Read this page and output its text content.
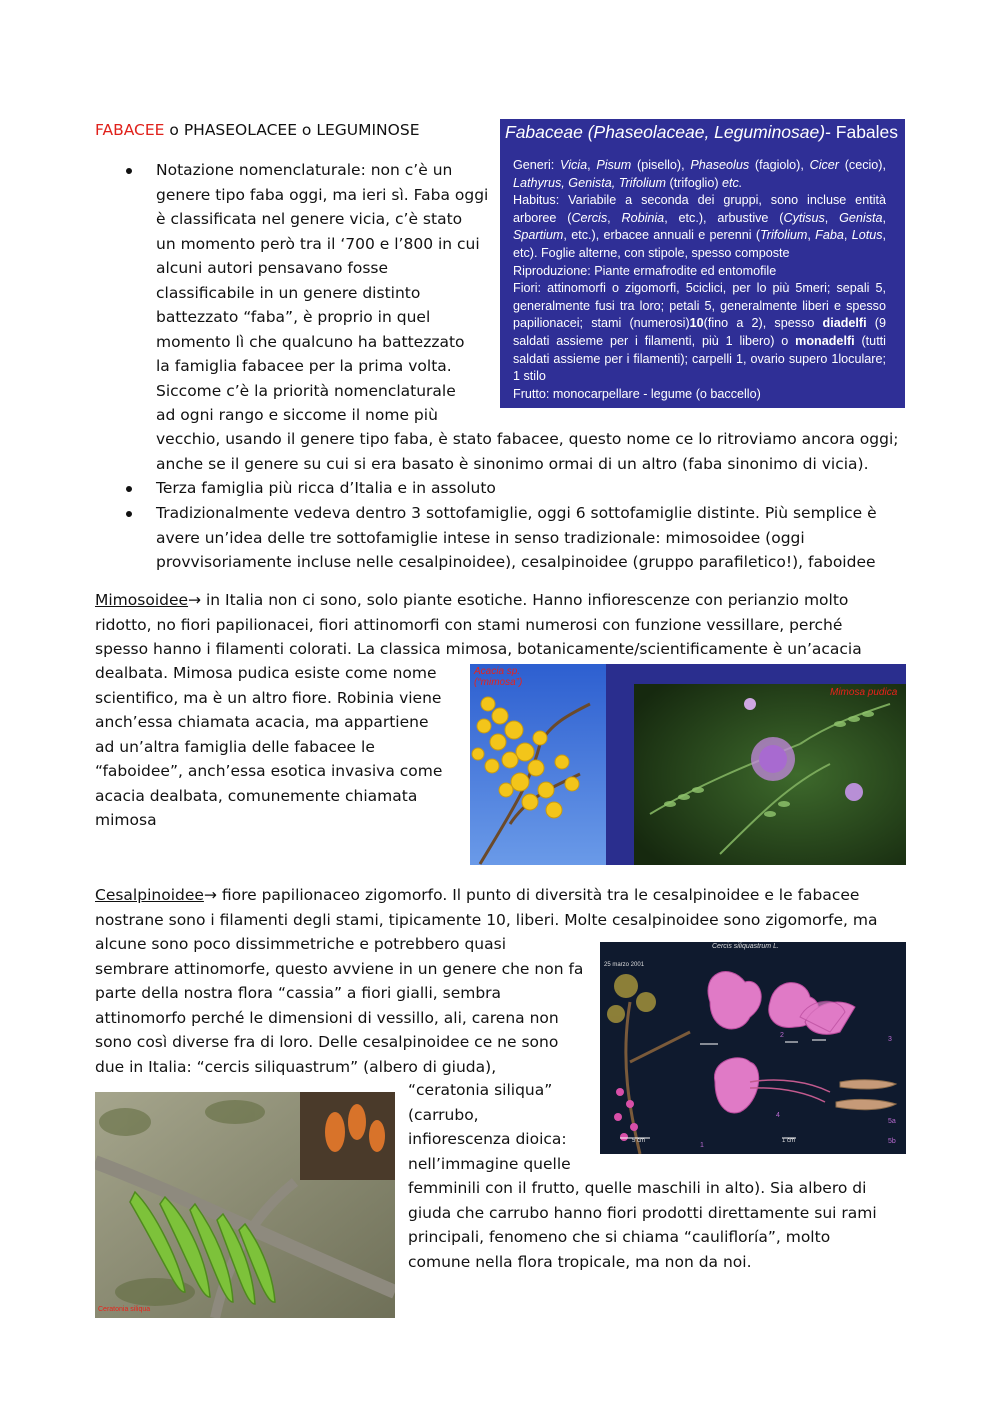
FABACEE o PHASEOLACEE o LEGUMINOSE
Notazione nomenclaturale: non c’è un
genere tipo faba oggi, ma ieri sì. Faba oggi
è classificata nel genere vicia, c’è stato
un momento però tra il ‘700 e l’800 in cui
alcuni autori pensavano fosse
classificabile in un genere distinto
battezzato “faba”, è proprio in quel
momento lì che qualcuno ha battezzato
la famiglia fabacee per la prima volta.
Siccome c’è la priorità nomenclaturale
ad ogni rango e siccome il nome più
vecchio, usando il genere tipo faba, è stato fabacee, questo nome ce lo ritroviamo ancora oggi;
anche se il genere su cui si era basato è sinonimo ormai di un altro (faba sinonimo di vicia).
Terza famiglia più ricca d’Italia e in assoluto
Tradizionalmente vedeva dentro 3 sottofamiglie, oggi 6 sottofamiglie distinte. Più semplice è
avere un’idea delle tre sottofamiglie intese in senso tradizionale: mimosoidee (oggi
provvisoriamente incluse nelle cesalpinoidee), cesalpinoidee (gruppo parafiletico!), faboidee
Fabaceae (Phaseolaceae, Leguminosae)- Fabales
Generi: Vicia, Pisum (pisello), Phaseolus (fagiolo), Cicer (cecio), Lathyrus, Genista, Trifolium (trifoglio) etc.
Habitus: Variabile a seconda dei gruppi, sono incluse entità arboree (Cercis, Robinia, etc.), arbustive (Cytisus, Genista, Spartium, etc.), erbacee annuali e perenni (Trifolium, Faba, Lotus, etc). Foglie alterne, con stipole, spesso composte
Riproduzione: Piante ermafrodite ed entomofile
Fiori: attinomorfi o zigomorfi, 5ciclici, per lo più 5meri; sepali 5, generalmente fusi tra loro; petali 5, generalmente liberi e spesso papilionacei; stami (numerosi)10(fino a 2), spesso diadelfi (9 saldati assieme per i filamenti, più 1 libero) o monadelfi (tutti saldati assieme per i filamenti); carpelli 1, ovario supero 1loculare; 1 stilo
Frutto: monocarpellare - legume (o baccello)
Mimosoidee→ in Italia non ci sono, solo piante esotiche. Hanno infiorescenze con perianzio molto
ridotto, no fiori papilionacei, fiori attinomorfi con stami numerosi con funzione vessillare, perché
spesso hanno i filamenti colorati. La classica mimosa, botanicamente/scientificamente è un’acacia
dealbata. Mimosa pudica esiste come nome
scientifico, ma è un altro fiore. Robinia viene
anch’essa chiamata acacia, ma appartiene
ad un’altra famiglia delle fabacee le
“faboidee”, anch’essa esotica invasiva come
acacia dealbata, comunemente chiamata
mimosa
Acacia sp.
(“mimosa”)
Mimosa pudica
Cesalpinoidee→ fiore papilionaceo zigomorfo. Il punto di diversità tra le cesalpinoidee e le fabacee
nostrane sono i filamenti degli stami, tipicamente 10, liberi. Molte cesalpinoidee sono zigomorfe, ma
alcune sono poco dissimmetriche e potrebbero quasi
sembrare attinomorfe, questo avviene in un genere che non fa
parte della nostra flora “cassia” a fiori gialli, sembra
attinomorfo perché le dimensioni di vessillo, ali, carena non
sono così diverse fra di loro. Delle cesalpinoidee ce ne sono
due in Italia: “cercis siliquastrum” (albero di giuda),
“ceratonia siliqua”
(carrubo,
infiorescenza dioica:
nell’immagine quelle
femminili con il frutto, quelle maschili in alto). Sia albero di
giuda che carrubo hanno fiori prodotti direttamente sui rami
principali, fenomeno che si chiama “caulifloría”, molto
comune nella flora tropicale, ma non da noi.
Cercis siliquastrum L.
25 marzo 2001
5 cm	1 cm
1
2
3
4
5a
5b
Ceratonia siliqua
